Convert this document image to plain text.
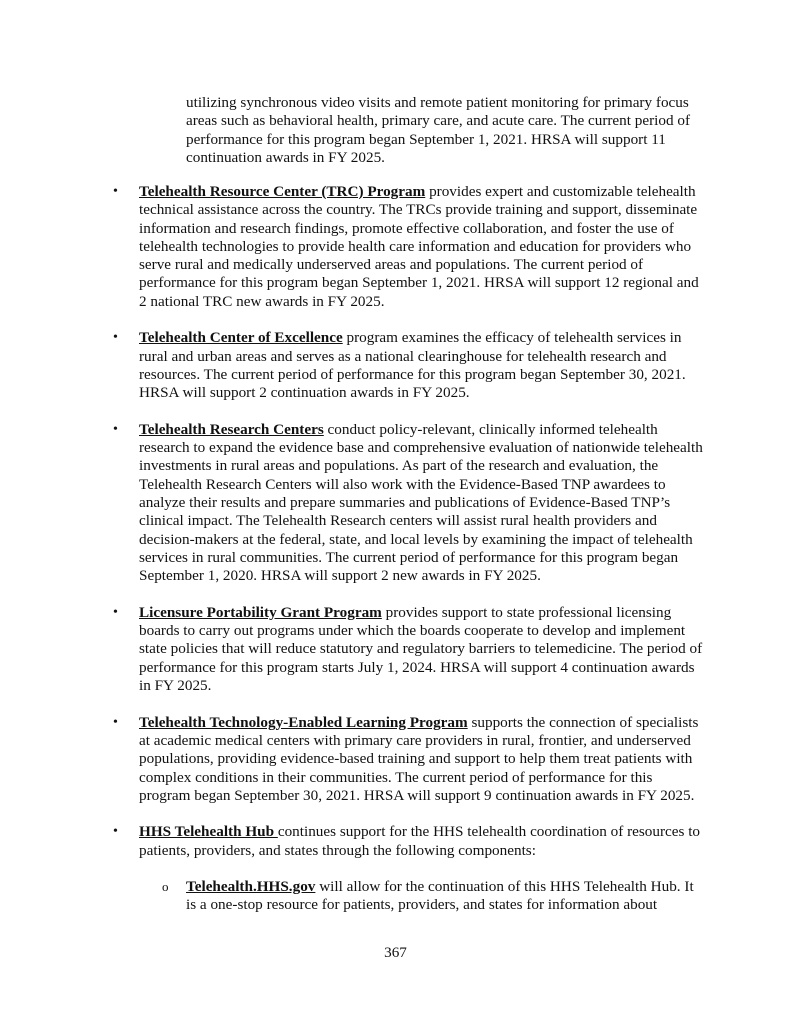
utilizing synchronous video visits and remote patient monitoring for primary focus areas such as behavioral health, primary care, and acute care. The current period of performance for this program began September 1, 2021. HRSA will support 11 continuation awards in FY 2025.

•	Telehealth Resource Center (TRC) Program provides expert and customizable telehealth technical assistance across the country. The TRCs provide training and support, disseminate information and research findings, promote effective collaboration, and foster the use of telehealth technologies to provide health care information and education for providers who serve rural and medically underserved areas and populations. The current period of performance for this program began September 1, 2021. HRSA will support 12 regional and 2 national TRC new awards in FY 2025.
•	Telehealth Center of Excellence program examines the efficacy of telehealth services in rural and urban areas and serves as a national clearinghouse for telehealth research and resources. The current period of performance for this program began September 30, 2021. HRSA will support 2 continuation awards in FY 2025.
•	Telehealth Research Centers conduct policy-relevant, clinically informed telehealth research to expand the evidence base and comprehensive evaluation of nationwide telehealth investments in rural areas and populations. As part of the research and evaluation, the Telehealth Research Centers will also work with the Evidence-Based TNP awardees to analyze their results and prepare summaries and publications of Evidence-Based TNP’s clinical impact. The Telehealth Research centers will assist rural health providers and decision-makers at the federal, state, and local levels by examining the impact of telehealth services in rural communities. The current period of performance for this program began September 1, 2020. HRSA will support 2 new awards in FY 2025.
•	Licensure Portability Grant Program provides support to state professional licensing boards to carry out programs under which the boards cooperate to develop and implement state policies that will reduce statutory and regulatory barriers to telemedicine. The period of performance for this program starts July 1, 2024. HRSA will support 4 continuation awards in FY 2025.
•	Telehealth Technology-Enabled Learning Program supports the connection of specialists at academic medical centers with primary care providers in rural, frontier, and underserved populations, providing evidence-based training and support to help them treat patients with complex conditions in their communities. The current period of performance for this program began September 30, 2021. HRSA will support 9 continuation awards in FY 2025.
•	HHS Telehealth Hub continues support for the HHS telehealth coordination of resources to patients, providers, and states through the following components:
o Telehealth.HHS.gov will allow for the continuation of this HHS Telehealth Hub. It is a one-stop resource for patients, providers, and states for information about

367
